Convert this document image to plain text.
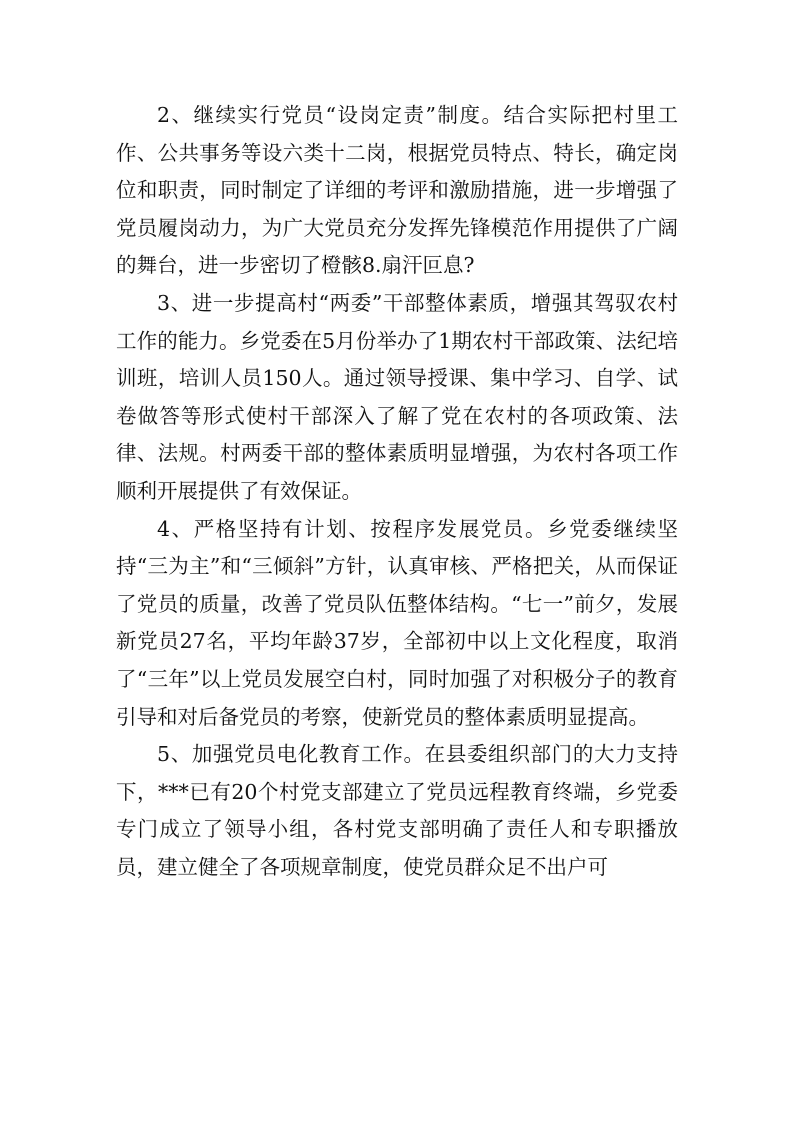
2、继续实行党员“设岗定责”制度。结合实际把村里工作、公共事务等设六类十二岗，根据党员特点、特长，确定岗位和职责，同时制定了详细的考评和激励措施，进一步增强了党员履岗动力，为广大党员充分发挥先锋模范作用提供了广阔的舞台，进一步密切了橙骸8.扇汗叵息?

3、进一步提高村“两委”干部整体素质，增强其驾驭农村工作的能力。乡党委在5月份举办了1期农村干部政策、法纪培训班，培训人员150人。通过领导授课、集中学习、自学、试卷做答等形式使村干部深入了解了党在农村的各项政策、法律、法规。村两委干部的整体素质明显增强，为农村各项工作顺利开展提供了有效保证。

4、严格坚持有计划、按程序发展党员。乡党委继续坚持“三为主”和“三倾斜”方针，认真审核、严格把关，从而保证了党员的质量，改善了党员队伍整体结构。“七一”前夕，发展新党员27名，平均年龄37岁，全部初中以上文化程度，取消了“三年”以上党员发展空白村，同时加强了对积极分子的教育引导和对后备党员的考察，使新党员的整体素质明显提高。

5、加强党员电化教育工作。在县委组织部门的大力支持下，***已有20个村党支部建立了党员远程教育终端，乡党委专门成立了领导小组，各村党支部明确了责任人和专职播放员，建立健全了各项规章制度，使党员群众足不出户可
